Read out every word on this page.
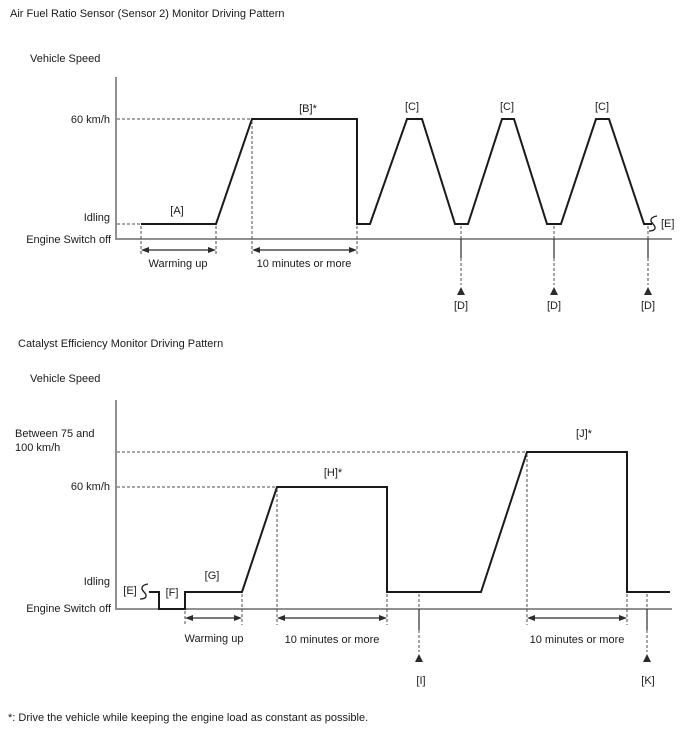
Air Fuel Ratio Sensor (Sensor 2) Monitor Driving Pattern
Vehicle Speed
60 km/h
Idling
Engine Switch off
[A]
[B]*	[C]	[C]	[C]
[E]
Warming up	10 minutes or more
[D]	[D]	[D]
Catalyst Efficiency Monitor Driving Pattern
Vehicle Speed
Between 75 and
100 km/h
60 km/h
Idling
Engine Switch off
[E]	[F]
[G]
[H]*
[J]*
Warming up	10 minutes or more	10 minutes or more
[I]	[K]
*: Drive the vehicle while keeping the engine load as constant as possible.
